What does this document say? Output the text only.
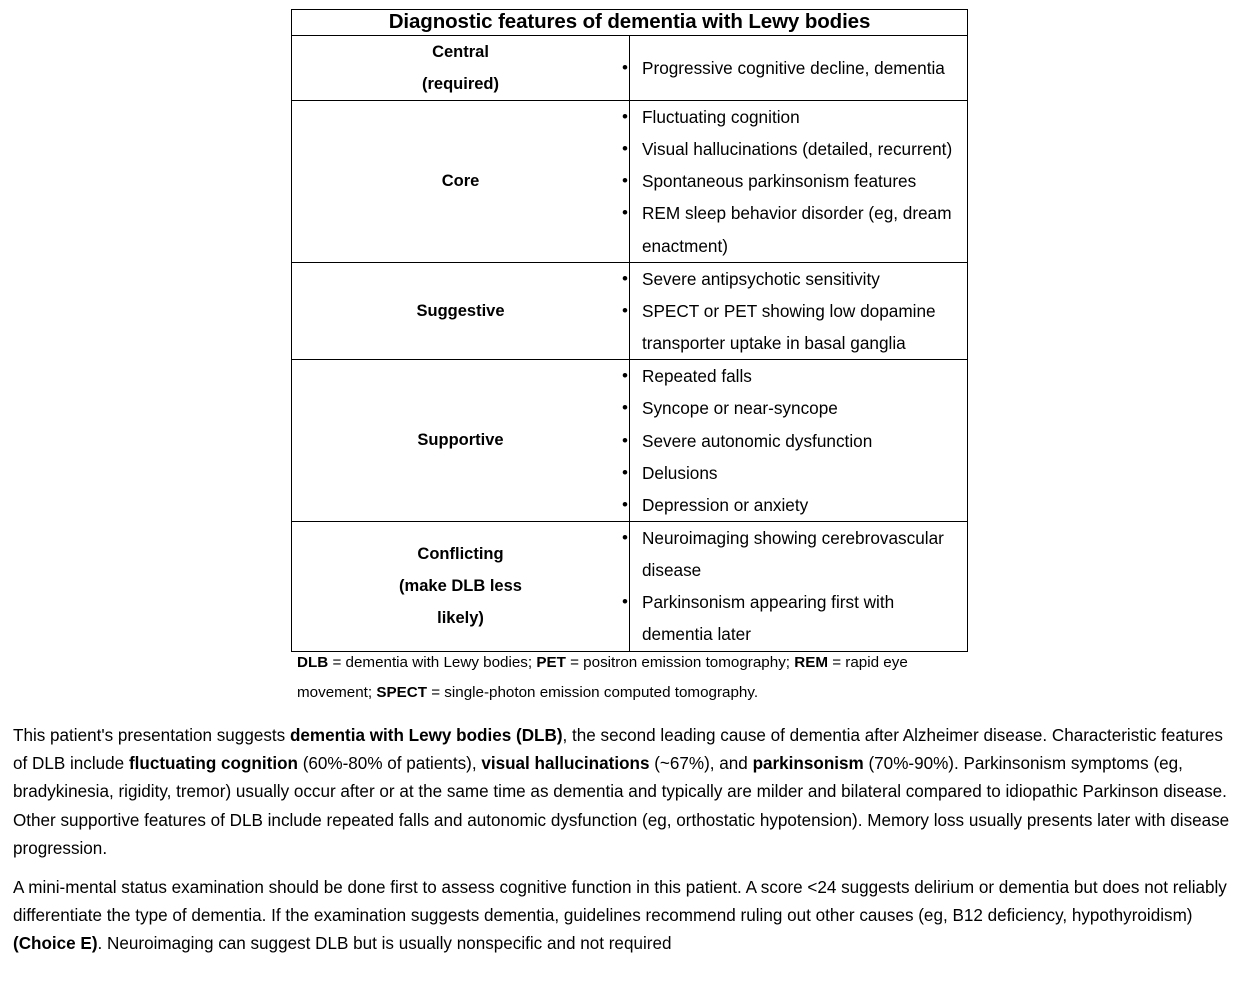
Diagnostic features of dementia with Lewy bodies	

Central
(required)

• Progressive cognitive decline, dementia

Core

• Fluctuating cognition
• Visual hallucinations (detailed, recurrent)
• Spontaneous parkinsonism features
• REM sleep behavior disorder (eg, dream enactment)

Suggestive

• Severe antipsychotic sensitivity
• SPECT or PET showing low dopamine transporter uptake in basal ganglia

Supportive

• Repeated falls
• Syncope or near-syncope
• Severe autonomic dysfunction
• Delusions
• Depression or anxiety

Conflicting
(make DLB less
likely)

• Neuroimaging showing cerebrovascular disease
• Parkinsonism appearing first with dementia later
DLB = dementia with Lewy bodies; PET = positron emission tomography; REM = rapid eye movement; SPECT = single-photon emission computed tomography.

This patient's presentation suggests dementia with Lewy bodies (DLB), the second leading cause of dementia after Alzheimer disease. Characteristic features of DLB include fluctuating cognition (60%-80% of patients), visual hallucinations (~67%), and parkinsonism (70%-90%). Parkinsonism symptoms (eg, bradykinesia, rigidity, tremor) usually occur after or at the same time as dementia and typically are milder and bilateral compared to idiopathic Parkinson disease. Other supportive features of DLB include repeated falls and autonomic dysfunction (eg, orthostatic hypotension). Memory loss usually presents later with disease progression.

A mini-mental status examination should be done first to assess cognitive function in this patient. A score <24 suggests delirium or dementia but does not reliably differentiate the type of dementia. If the examination suggests dementia, guidelines recommend ruling out other causes (eg, B12 deficiency, hypothyroidism) (Choice E). Neuroimaging can suggest DLB but is usually nonspecific and not required
